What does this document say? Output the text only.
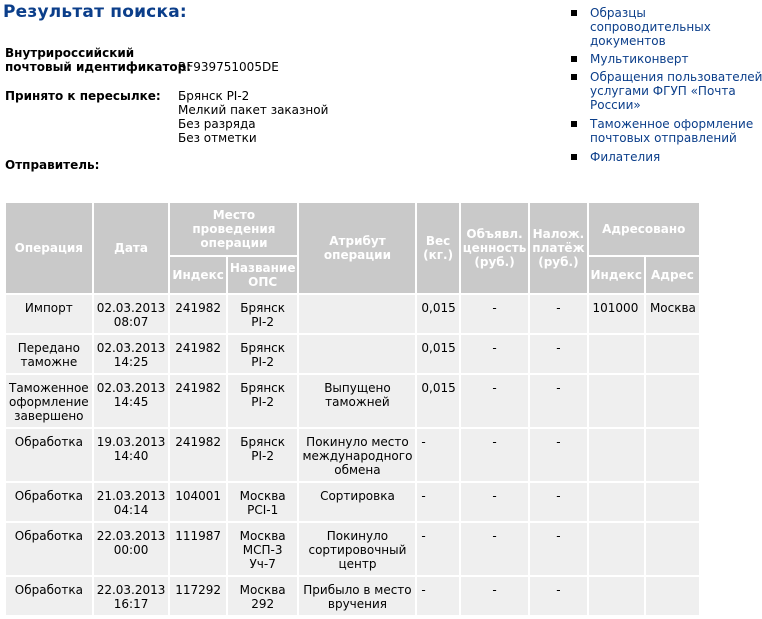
Результат поиска:
Внутрироссийский
почтовый идентификатор:
RF939751005DE
Принято к пересылке: Брянск PI-2
Мелкий пакет заказной
Без разряда
Без отметки
Отправитель:
Образцы
сопроводительных
документов
Мультиконверт
Обращения пользователей
услугами ФГУП «Почта
России»
Таможенное оформление
почтовых отправлений
Филателия
Операция	Дата	Место проведения операции		Атрибут операции	Вес (кг.)	Объявл. ценность (руб.)	Налож. платёж (руб.)	Адресовано	
		Индекс	Название ОПС					Индекс	Адрес
Импорт	02.03.2013 08:07	241982	Брянск PI-2		0,015	-	-	101000	Москва
Передано таможне	02.03.2013 14:25	241982	Брянск PI-2		0,015	-	-		
Таможенное оформление завершено	02.03.2013 14:45	241982	Брянск PI-2	Выпущено таможней	0,015	-	-		
Обработка	19.03.2013 14:40	241982	Брянск PI-2	Покинуло место международного обмена	-	-	-		
Обработка	21.03.2013 04:14	104001	Москва PCI-1	Сортировка	-	-	-		
Обработка	22.03.2013 00:00	111987	Москва МСП-3 Уч-7	Покинуло сортировочный центр	-	-	-		
Обработка	22.03.2013 16:17	117292	Москва 292	Прибыло в место вручения	-	-	-		
